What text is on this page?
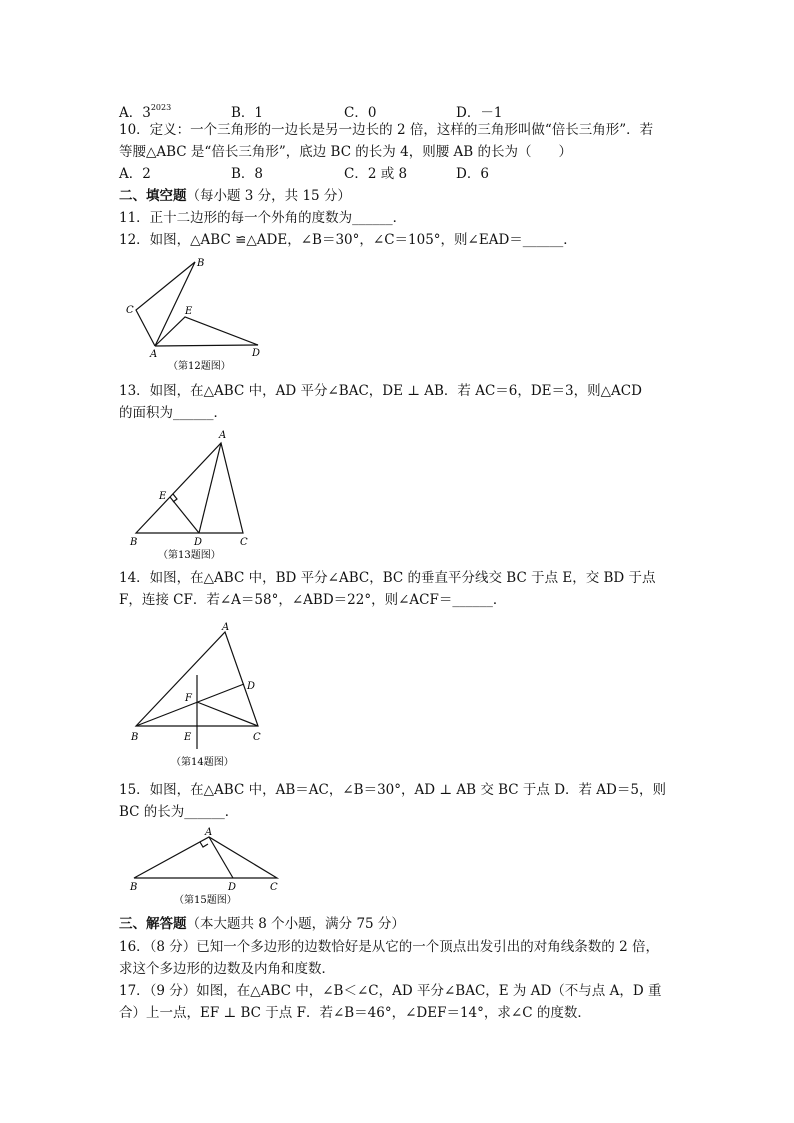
A．$3^{2023}$	B．1	C．0	D．－1
10．定义：一个三角形的一边长是另一边长的 2 倍，这样的三角形叫做“倍长三角形”．若
等腰△ABC 是“倍长三角形”，底边 BC 的长为 4，则腰 AB 的长为（　　）
A．2	B．8	C．2 或 8	D．6
二、填空题（每小题 3 分，共 15 分）
11．正十二边形的每一个外角的度数为______．
12．如图，△ABC ≌△ADE，∠B＝30°，∠C＝105°，则∠EAD＝______．
B
C	E
A	D
（第12题图）
13．如图，在△ABC 中，AD 平分∠BAC，DE ⊥ AB．若 AC＝6，DE＝3，则△ACD
的面积为______．
A
E
B	D	C
（第13题图）
14．如图，在△ABC 中，BD 平分∠ABC，BC 的垂直平分线交 BC 于点 E，交 BD 于点
F，连接 CF．若∠A＝58°，∠ABD＝22°，则∠ACF＝______．
A
D
F
B	E	C
（第14题图）
15．如图，在△ABC 中，AB＝AC，∠B＝30°，AD ⊥ AB 交 BC 于点 D．若 AD＝5，则
BC 的长为______．
A
B	D	C
（第15题图）
三、解答题（本大题共 8 个小题，满分 75 分）
16．（8 分）已知一个多边形的边数恰好是从它的一个顶点出发引出的对角线条数的 2 倍，
求这个多边形的边数及内角和度数．
17．（9 分）如图，在△ABC 中，∠B＜∠C，AD 平分∠BAC，E 为 AD（不与点 A，D 重
合）上一点，EF ⊥ BC 于点 F．若∠B＝46°，∠DEF＝14°，求∠C 的度数．
